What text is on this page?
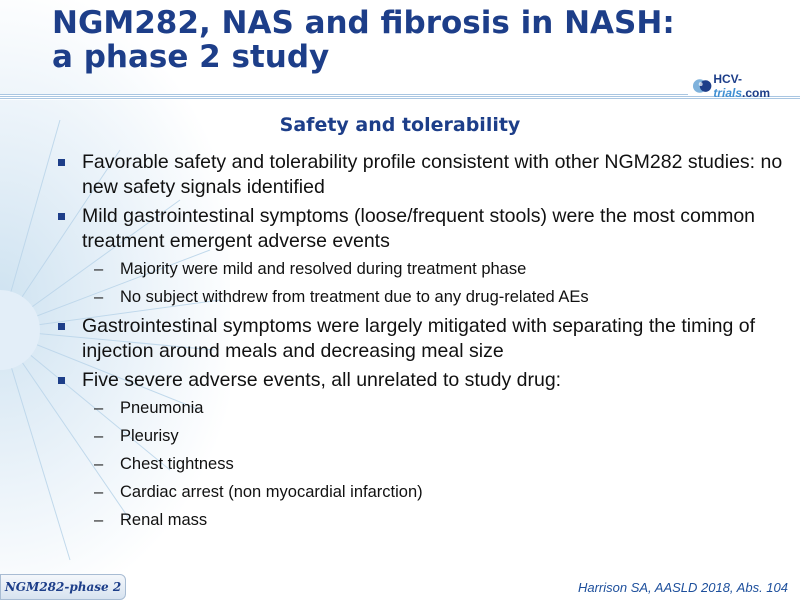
NGM282, NAS and fibrosis in NASH:
a phase 2 study
HCV-trials.com
Safety and tolerability
Favorable safety and tolerability profile consistent with other NGM282 studies: no new safety signals identified
Mild gastrointestinal symptoms (loose/frequent stools) were the most common treatment emergent adverse events
– Majority were mild and resolved during treatment phase
– No subject withdrew from treatment due to any drug-related AEs
Gastrointestinal symptoms were largely mitigated with separating the timing of injection around meals and decreasing meal size
Five severe adverse events, all unrelated to study drug:
– Pneumonia
– Pleurisy
– Chest tightness
– Cardiac arrest (non myocardial infarction)
– Renal mass
NGM282-phase 2	Harrison SA, AASLD 2018, Abs. 104
